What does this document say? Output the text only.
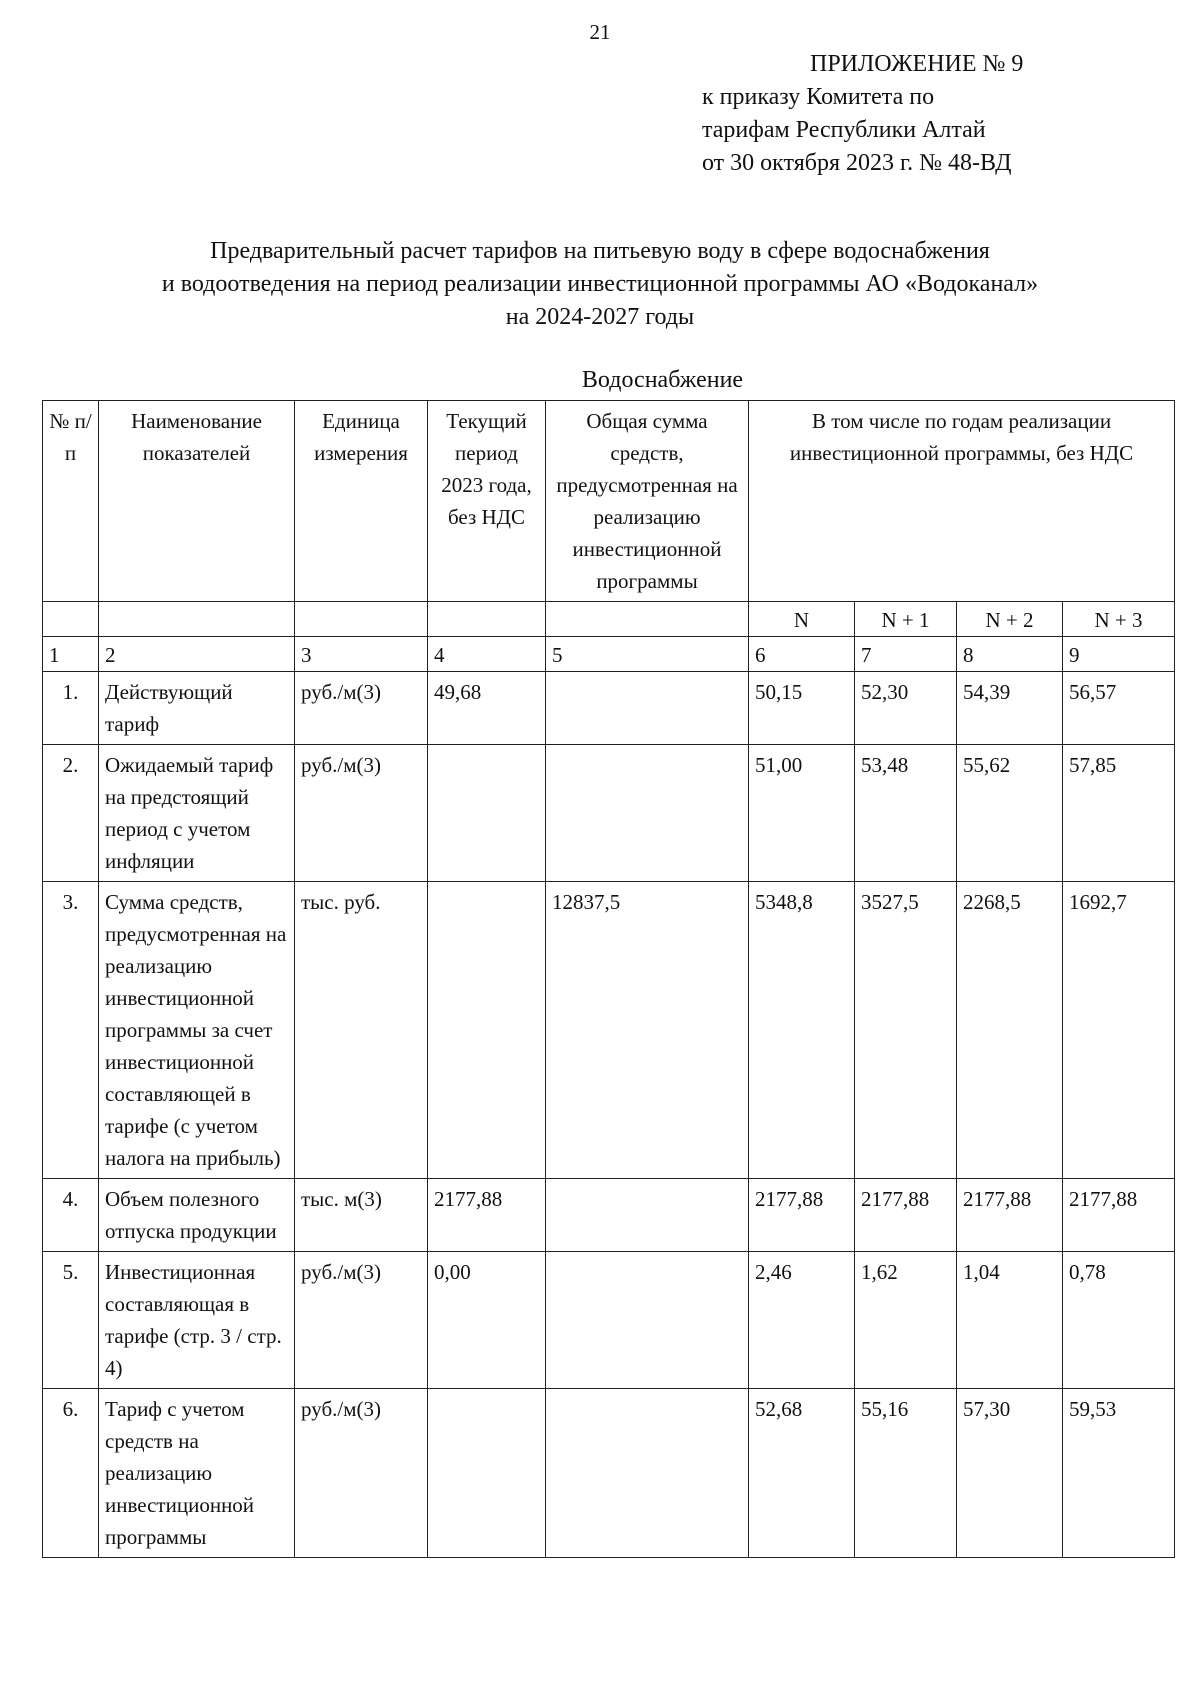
21
ПРИЛОЖЕНИЕ № 9
к приказу Комитета по
тарифам Республики Алтай
от 30 октября 2023 г. № 48-ВД
Предварительный расчет тарифов на питьевую воду в сфере водоснабжения
и водоотведения на период реализации инвестиционной программы АО «Водоканал»
на 2024-2027 годы
Водоснабжение
№ п/п	Наименование показателей	Единица измерения	Текущий период 2023 года, без НДС	Общая сумма средств, предусмотренная на реализацию инвестиционной программы	В том числе по годам реализации инвестиционной программы, без НДС			
					N	N + 1	N + 2	N + 3
1	2	3	4	5	6	7	8	9
1.	Действующий тариф	руб./м(3)	49,68		50,15	52,30	54,39	56,57
2.	Ожидаемый тариф на предстоящий период с учетом инфляции	руб./м(3)			51,00	53,48	55,62	57,85
3.	Сумма средств, предусмотренная на реализацию инвестиционной программы за счет инвестиционной составляющей в тарифе (с учетом налога на прибыль)	тыс. руб.		12837,5	5348,8	3527,5	2268,5	1692,7
4.	Объем полезного отпуска продукции	тыс. м(3)	2177,88		2177,88	2177,88	2177,88	2177,88
5.	Инвестиционная составляющая в тарифе (стр. 3 / стр. 4)	руб./м(3)	0,00		2,46	1,62	1,04	0,78
6.	Тариф с учетом средств на реализацию инвестиционной программы	руб./м(3)			52,68	55,16	57,30	59,53
